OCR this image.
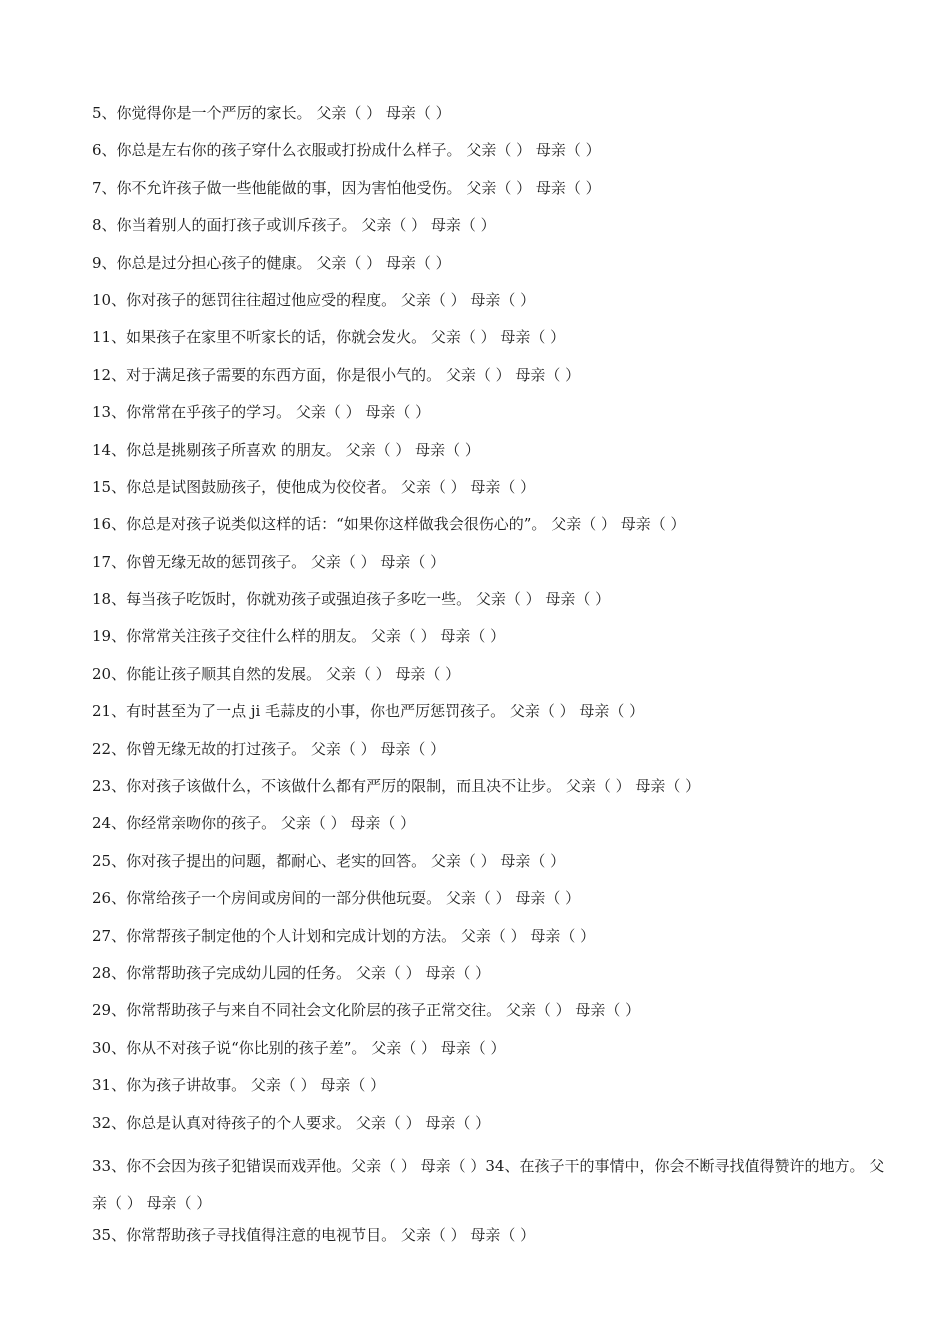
5、你觉得你是一个严厉的家长。 父亲（ ） 母亲（ ）
6、你总是左右你的孩子穿什么衣服或打扮成什么样子。 父亲（ ） 母亲（ ）
7、你不允许孩子做一些他能做的事，因为害怕他受伤。 父亲（ ） 母亲（ ）
8、你当着别人的面打孩子或训斥孩子。 父亲（ ） 母亲（ ）
9、你总是过分担心孩子的健康。 父亲（ ） 母亲（ ）
10、你对孩子的惩罚往往超过他应受的程度。 父亲（ ） 母亲（ ）
11、如果孩子在家里不听家长的话，你就会发火。 父亲（ ） 母亲（ ）
12、对于满足孩子需要的东西方面，你是很小气的。 父亲（ ） 母亲（ ）
13、你常常在乎孩子的学习。 父亲（ ） 母亲（ ）
14、你总是挑剔孩子所喜欢 的朋友。 父亲（ ） 母亲（ ）
15、你总是试图鼓励孩子，使他成为佼佼者。 父亲（ ） 母亲（ ）
16、你总是对孩子说类似这样的话：“如果你这样做我会很伤心的”。 父亲（ ） 母亲（ ）
17、你曾无缘无故的惩罚孩子。 父亲（ ） 母亲（ ）
18、每当孩子吃饭时，你就劝孩子或强迫孩子多吃一些。 父亲（ ） 母亲（ ）
19、你常常关注孩子交往什么样的朋友。 父亲（ ） 母亲（ ）
20、你能让孩子顺其自然的发展。 父亲（ ） 母亲（ ）
21、有时甚至为了一点 ji 毛蒜皮的小事，你也严厉惩罚孩子。 父亲（ ） 母亲（ ）
22、你曾无缘无故的打过孩子。 父亲（ ） 母亲（ ）
23、你对孩子该做什么，不该做什么都有严厉的限制，而且决不让步。 父亲（ ） 母亲（ ）
24、你经常亲吻你的孩子。 父亲（ ） 母亲（ ）
25、你对孩子提出的问题，都耐心、老实的回答。 父亲（ ） 母亲（ ）
26、你常给孩子一个房间或房间的一部分供他玩耍。 父亲（ ） 母亲（ ）
27、你常帮孩子制定他的个人计划和完成计划的方法。 父亲（ ） 母亲（ ）
28、你常帮助孩子完成幼儿园的任务。 父亲（ ） 母亲（ ）
29、你常帮助孩子与来自不同社会文化阶层的孩子正常交往。 父亲（ ） 母亲（ ）
30、你从不对孩子说“你比别的孩子差”。 父亲（ ） 母亲（ ）
31、你为孩子讲故事。 父亲（ ） 母亲（ ）
32、你总是认真对待孩子的个人要求。 父亲（ ） 母亲（ ）
33、你不会因为孩子犯错误而戏弄他。父亲（ ） 母亲（ ）34、在孩子干的事情中，你会不断寻找值得赞许的地方。 父亲（ ） 母亲（ ）
35、你常帮助孩子寻找值得注意的电视节目。 父亲（ ） 母亲（ ）
